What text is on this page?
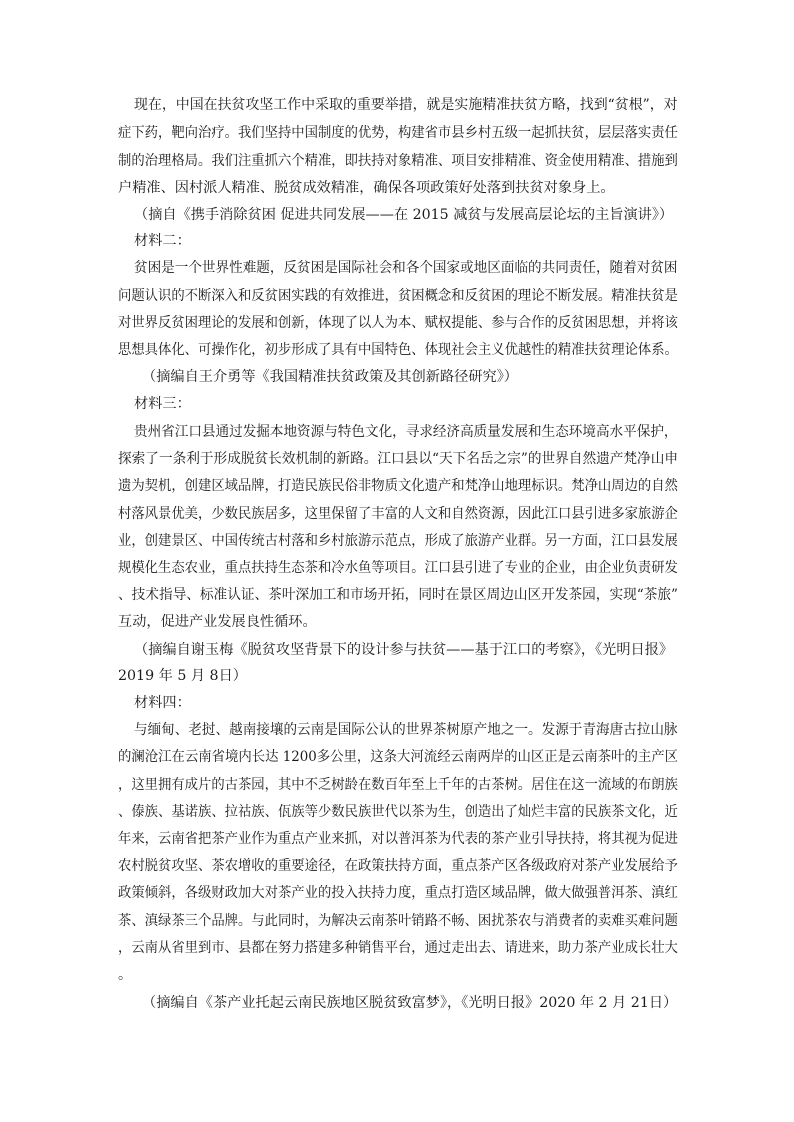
现在，中国在扶贫攻坚工作中采取的重要举措，就是实施精准扶贫方略，找到“贫根”，对
症下药，靶向治疗。我们坚持中国制度的优势，构建省市县乡村五级一起抓扶贫，层层落实责任
制的治理格局。我们注重抓六个精准，即扶持对象精准、项目安排精准、资金使用精准、措施到
户精准、因村派人精准、脱贫成效精准，确保各项政策好处落到扶贫对象身上。
（摘自《携手消除贫困 促进共同发展——在 2015 减贫与发展高层论坛的主旨演讲》）
材料二：
贫困是一个世界性难题，反贫困是国际社会和各个国家或地区面临的共同责任，随着对贫困
问题认识的不断深入和反贫困实践的有效推进，贫困概念和反贫困的理论不断发展。精准扶贫是
对世界反贫困理论的发展和创新，体现了以人为本、赋权提能、参与合作的反贫困思想，并将该
思想具体化、可操作化，初步形成了具有中国特色、体现社会主义优越性的精准扶贫理论体系。
（摘编自王介勇等《我国精准扶贫政策及其创新路径研究》）
材料三：
贵州省江口县通过发掘本地资源与特色文化，寻求经济高质量发展和生态环境高水平保护，
探索了一条利于形成脱贫长效机制的新路。江口县以“天下名岳之宗”的世界自然遗产梵净山申
遗为契机，创建区域品牌，打造民族民俗非物质文化遗产和梵净山地理标识。梵净山周边的自然
村落风景优美，少数民族居多，这里保留了丰富的人文和自然资源，因此江口县引进多家旅游企
业，创建景区、中国传统古村落和乡村旅游示范点，形成了旅游产业群。另一方面，江口县发展
规模化生态农业，重点扶持生态茶和冷水鱼等项目。江口县引进了专业的企业，由企业负责研发
、技术指导、标准认证、茶叶深加工和市场开拓，同时在景区周边山区开发茶园，实现“茶旅”
互动，促进产业发展良性循环。
（摘编自谢玉梅《脱贫攻坚背景下的设计参与扶贫——基于江口的考察》，《光明日报》
2019 年 5 月 8日）
材料四：
与缅甸、老挝、越南接壤的云南是国际公认的世界茶树原产地之一。发源于青海唐古拉山脉
的澜沧江在云南省境内长达 1200多公里，这条大河流经云南两岸的山区正是云南茶叶的主产区
，这里拥有成片的古茶园，其中不乏树龄在数百年至上千年的古茶树。居住在这一流域的布朗族
、傣族、基诺族、拉祜族、佤族等少数民族世代以茶为生，创造出了灿烂丰富的民族茶文化，近
年来，云南省把茶产业作为重点产业来抓，对以普洱茶为代表的茶产业引导扶持，将其视为促进
农村脱贫攻坚、茶农增收的重要途径，在政策扶持方面，重点茶产区各级政府对茶产业发展给予
政策倾斜，各级财政加大对茶产业的投入扶持力度，重点打造区域品牌，做大做强普洱茶、滇红
茶、滇绿茶三个品牌。与此同时，为解决云南茶叶销路不畅、困扰茶农与消费者的卖难买难问题
，云南从省里到市、县都在努力搭建多种销售平台，通过走出去、请进来，助力茶产业成长壮大
。
（摘编自《茶产业托起云南民族地区脱贫致富梦》，《光明日报》2020 年 2 月 21日）
